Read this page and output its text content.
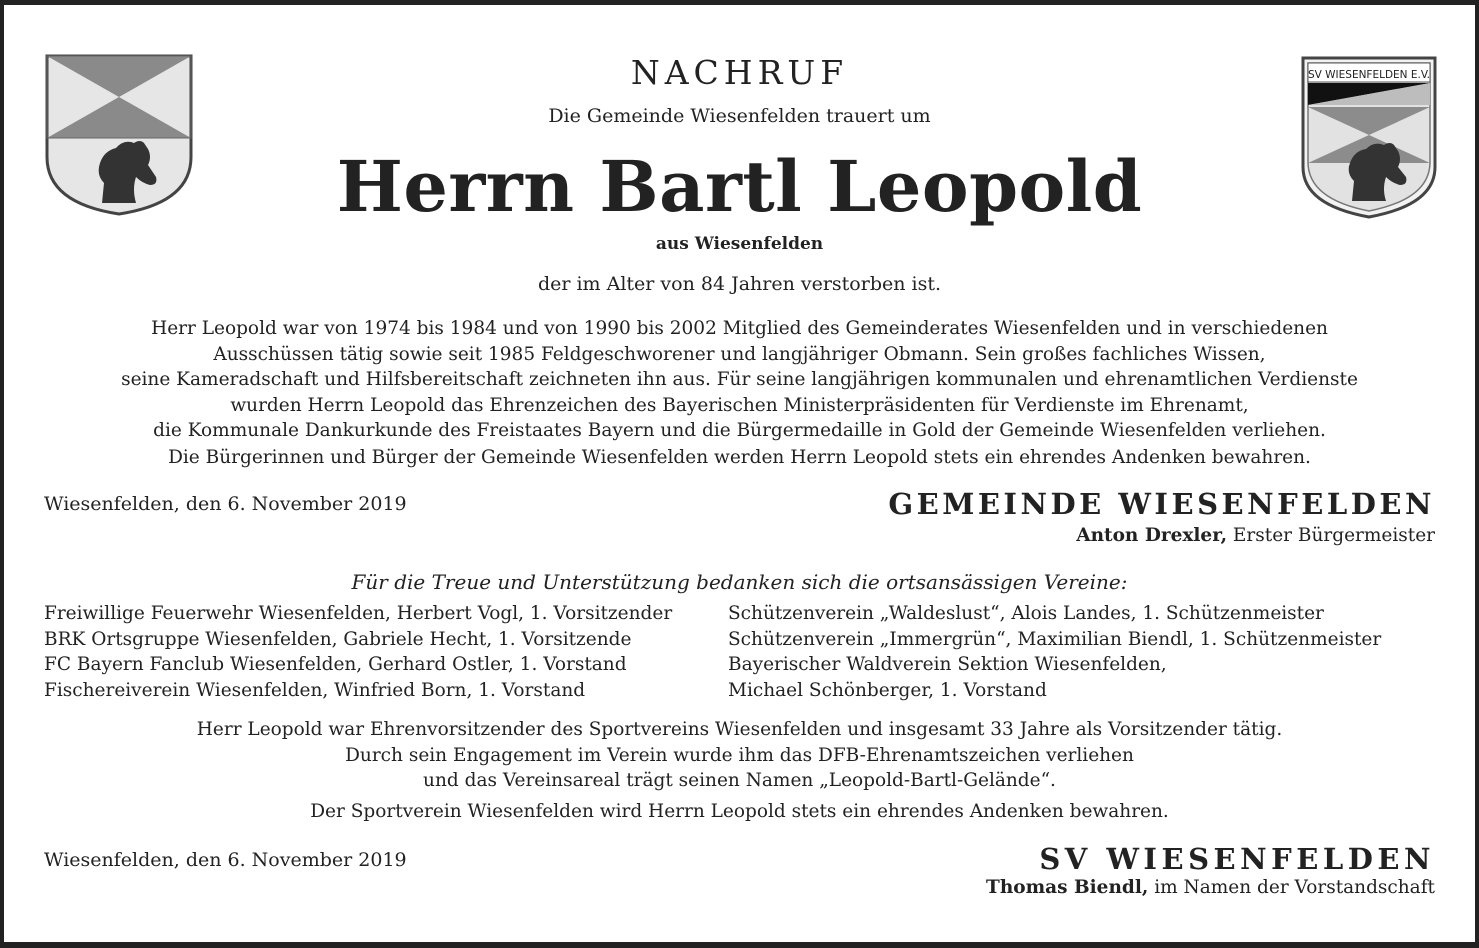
SV WIESENFELDEN E.V.
NACHRUF
Die Gemeinde Wiesenfelden trauert um
Herrn Bartl Leopold
aus Wiesenfelden
der im Alter von 84 Jahren verstorben ist.
Herr Leopold war von 1974 bis 1984 und von 1990 bis 2002 Mitglied des Gemeinderates Wiesenfelden und in verschiedenen
Ausschüssen tätig sowie seit 1985 Feldgeschworener und langjähriger Obmann. Sein großes fachliches Wissen,
seine Kameradschaft und Hilfsbereitschaft zeichneten ihn aus. Für seine langjährigen kommunalen und ehrenamtlichen Verdienste
wurden Herrn Leopold das Ehrenzeichen des Bayerischen Ministerpräsidenten für Verdienste im Ehrenamt,
die Kommunale Dankurkunde des Freistaates Bayern und die Bürgermedaille in Gold der Gemeinde Wiesenfelden verliehen.
Die Bürgerinnen und Bürger der Gemeinde Wiesenfelden werden Herrn Leopold stets ein ehrendes Andenken bewahren.
Wiesenfelden, den 6. November 2019	GEMEINDE WIESENFELDEN
Anton Drexler, Erster Bürgermeister
Für die Treue und Unterstützung bedanken sich die ortsansässigen Vereine:
Freiwillige Feuerwehr Wiesenfelden, Herbert Vogl, 1. Vorsitzender
BRK Ortsgruppe Wiesenfelden, Gabriele Hecht, 1. Vorsitzende
FC Bayern Fanclub Wiesenfelden, Gerhard Ostler, 1. Vorstand
Fischereiverein Wiesenfelden, Winfried Born, 1. Vorstand
Schützenverein „Waldeslust“, Alois Landes, 1. Schützenmeister
Schützenverein „Immergrün“, Maximilian Biendl, 1. Schützenmeister
Bayerischer Waldverein Sektion Wiesenfelden,
Michael Schönberger, 1. Vorstand
Herr Leopold war Ehrenvorsitzender des Sportvereins Wiesenfelden und insgesamt 33 Jahre als Vorsitzender tätig.
Durch sein Engagement im Verein wurde ihm das DFB-Ehrenamtszeichen verliehen
und das Vereinsareal trägt seinen Namen „Leopold-Bartl-Gelände“.
Der Sportverein Wiesenfelden wird Herrn Leopold stets ein ehrendes Andenken bewahren.
Wiesenfelden, den 6. November 2019	SV WIESENFELDEN
Thomas Biendl, im Namen der Vorstandschaft
